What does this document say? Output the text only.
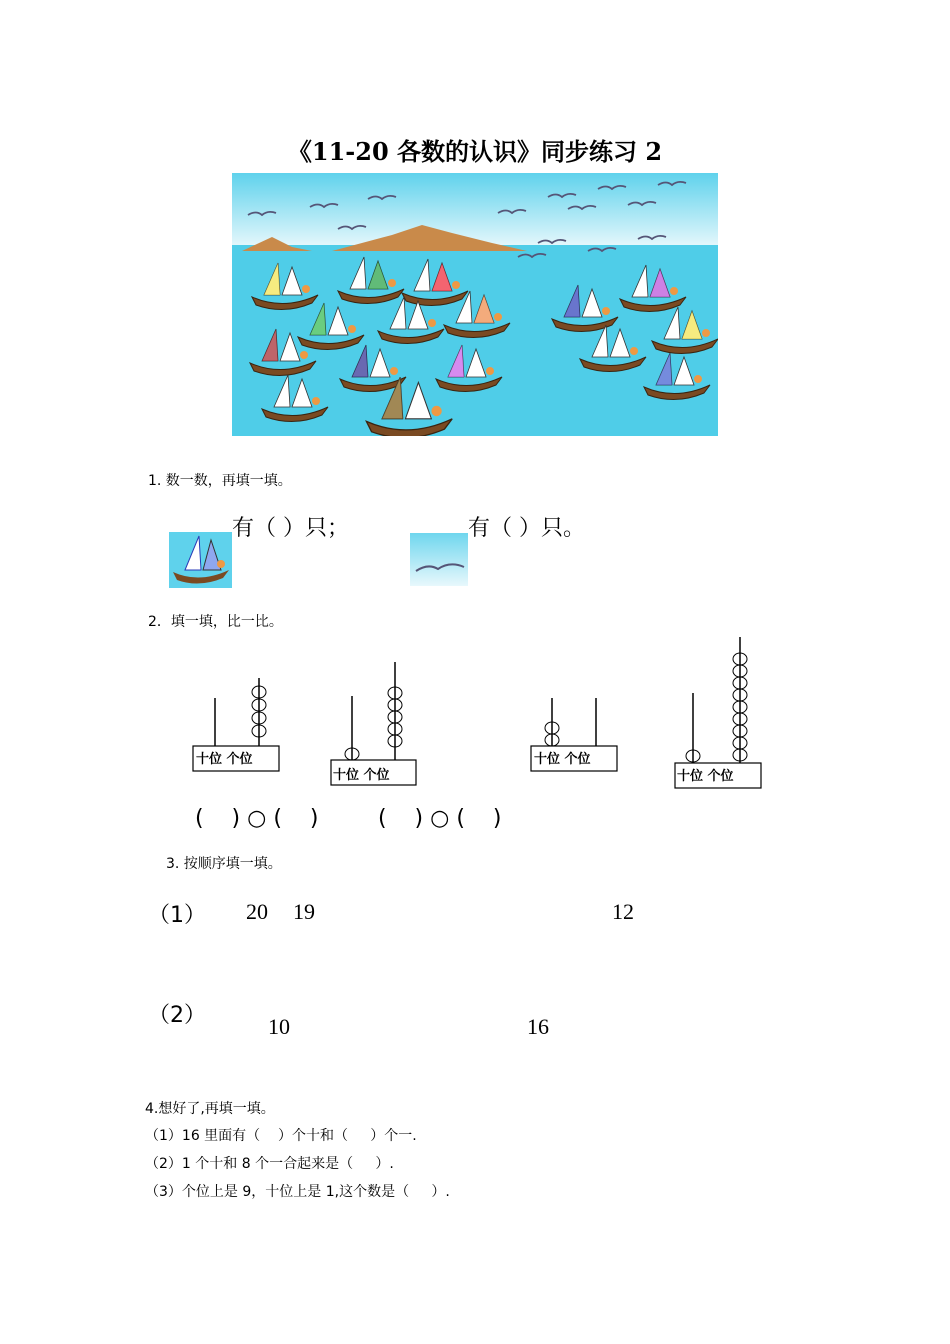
《11-20 各数的认识》同步练习 2
1. 数一数，再填一填。
有（ ）只；	有（ ）只。
2．填一填，比一比。
十位 个位
十位 个位
十位 个位
十位 个位
(    ) ○ (    )	(    ) ○ (    )
3. 按顺序填一填。
（1） 20 19	12
（2）	10	16
4.想好了,再填一填。
（1）16 里面有（    ）个十和（     ）个一.
（2）1 个十和 8 个一合起来是（     ）.
（3）个位上是 9，十位上是 1,这个数是（     ）.
